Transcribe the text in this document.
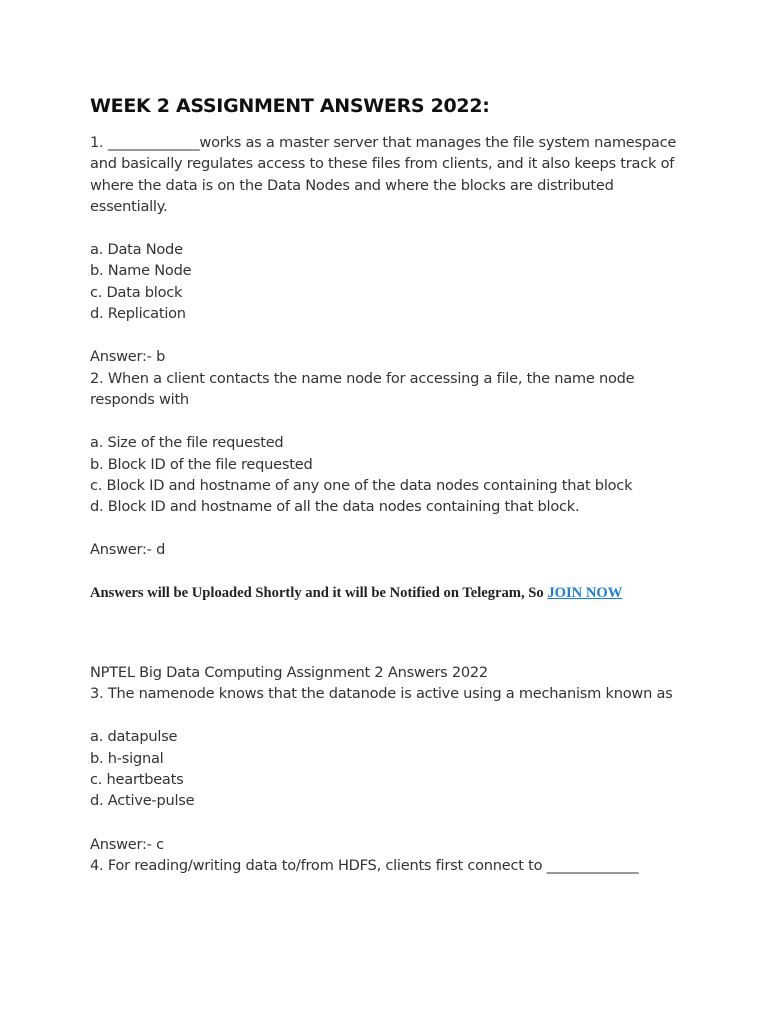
WEEK 2 ASSIGNMENT ANSWERS 2022:

1. _____________works as a master server that manages the file system namespace and basically regulates access to these files from clients, and it also keeps track of where the data is on the Data Nodes and where the blocks are distributed essentially.

a. Data Node
b. Name Node
c. Data block
d. Replication

Answer:- b

2. When a client contacts the name node for accessing a file, the name node responds with

a. Size of the file requested
b. Block ID of the file requested
c. Block ID and hostname of any one of the data nodes containing that block
d. Block ID and hostname of all the data nodes containing that block.

Answer:- d

Answers will be Uploaded Shortly and it will be Notified on Telegram, So JOIN NOW

NPTEL Big Data Computing Assignment 2 Answers 2022

3. The namenode knows that the datanode is active using a mechanism known as

a. datapulse
b. h-signal
c. heartbeats
d. Active-pulse

Answer:- c

4. For reading/writing data to/from HDFS, clients first connect to _____________
